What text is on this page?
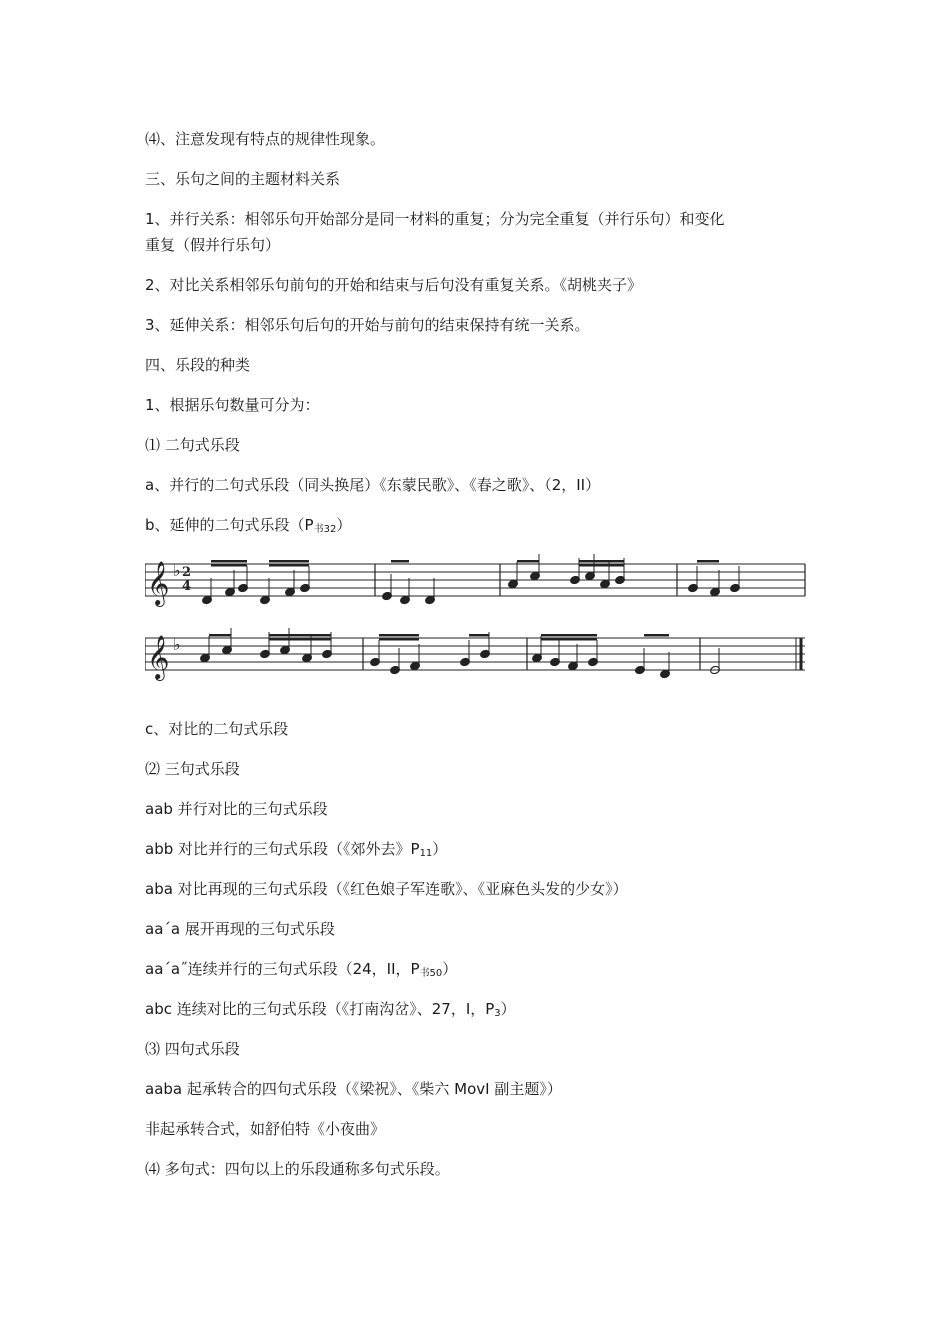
⑷、注意发现有特点的规律性现象。
三、乐句之间的主题材料关系
1、并行关系：相邻乐句开始部分是同一材料的重复；分为完全重复（并行乐句）和变化
重复（假并行乐句）
2、对比关系相邻乐句前句的开始和结束与后句没有重复关系。《胡桃夹子》
3、延伸关系：相邻乐句后句的开始与前句的结束保持有统一关系。
四、乐段的种类
1、根据乐句数量可分为：
⑴ 二句式乐段
a、并行的二句式乐段（同头换尾）《东蒙民歌》、《春之歌》、（2，II）
b、延伸的二句式乐段$(P_{书32})$
𝄞
𝄞
♭
♭
2
4
c、对比的二句式乐段
⑵ 三句式乐段
aab 并行对比的三句式乐段
abb 对比并行的三句式乐段（《郊外去》$P_{11}$）
aba 对比再现的三句式乐段（《红色娘子军连歌》、《亚麻色头发的少女》）
aa΄a 展开再现的三句式乐段
aa΄a˝连续并行的三句式乐段（24，II，$P_{书50}$）
abc 连续对比的三句式乐段（《打南沟岔》、27，I，$P_3$）
⑶ 四句式乐段
aaba 起承转合的四句式乐段（《梁祝》、《柴六 MovI 副主题》）
非起承转合式，如舒伯特《小夜曲》
⑷ 多句式：四句以上的乐段通称多句式乐段。
